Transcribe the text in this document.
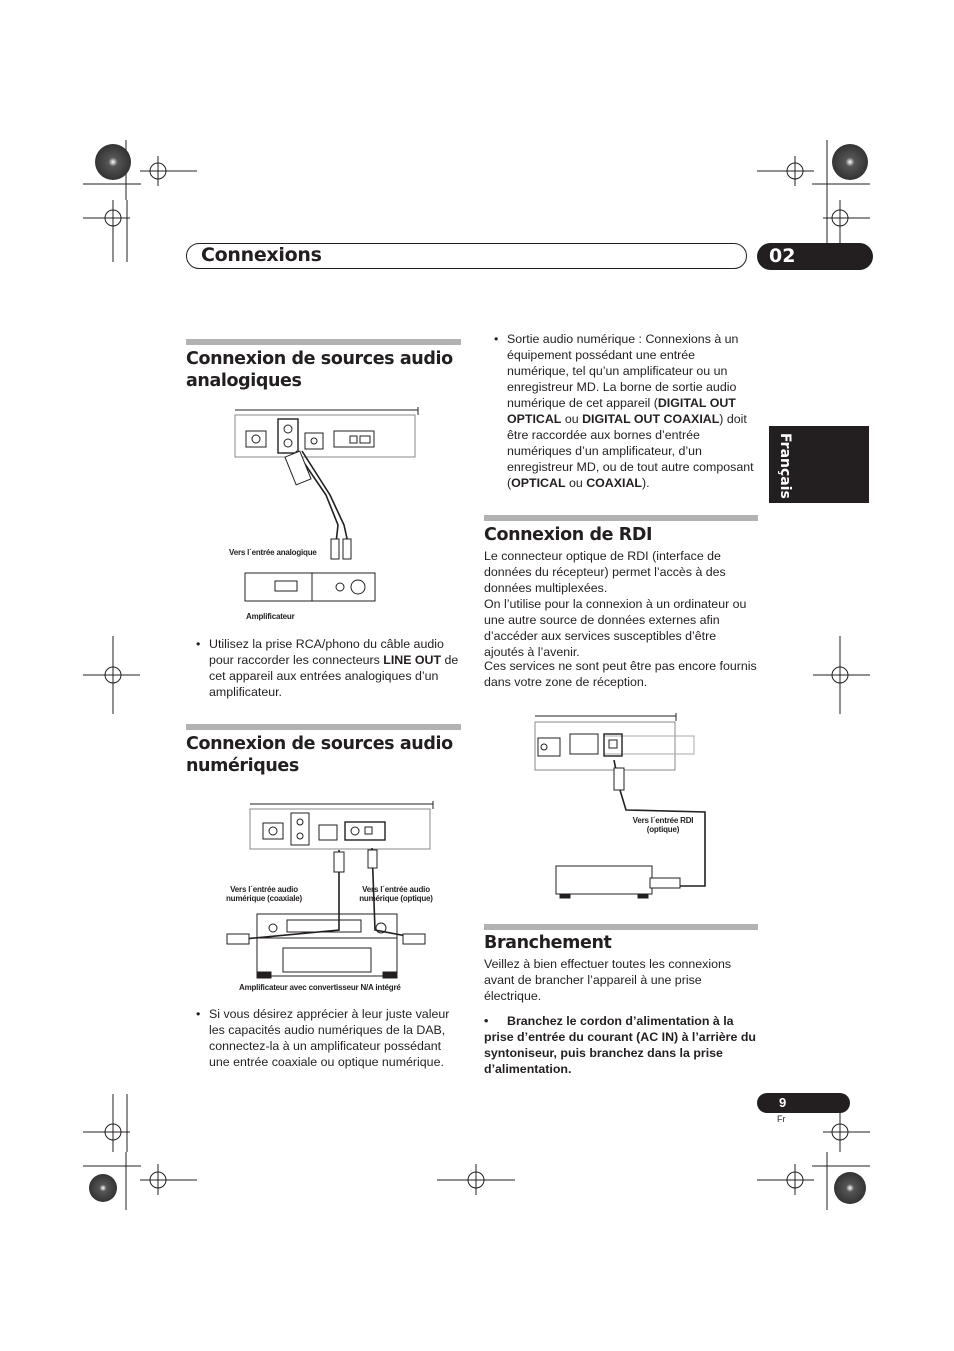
Connexions	02
Français
Connexion de sources audio
analogiques
Vers l´entrée analogique
Amplificateur
• Utilisez la prise RCA/phono du câble audio pour raccorder les connecteurs LINE OUT de cet appareil aux entrées analogiques d’un amplificateur.

Connexion de sources audio
numériques
Vers l´entrée audio
numérique (coaxiale)
Vers l´entrée audio
numérique (optique)
Amplificateur avec convertisseur N/A intégré
• Si vous désirez apprécier à leur juste valeur les capacités audio numériques de la DAB, connectez-la à un amplificateur possédant une entrée coaxiale ou optique numérique.

• Sortie audio numérique : Connexions à un équipement possédant une entrée numérique, tel qu’un amplificateur ou un enregistreur MD. La borne de sortie audio numérique de cet appareil (DIGITAL OUT OPTICAL ou DIGITAL OUT COAXIAL) doit être raccordée aux bornes d’entrée numériques d’un amplificateur, d’un enregistreur MD, ou de tout autre composant (OPTICAL ou COAXIAL).

Connexion de RDI

Le connecteur optique de RDI (interface de données du récepteur) permet l’accès à des données multiplexées.

On l’utilise pour la connexion à un ordinateur ou une autre source de données externes afin d’accéder aux services susceptibles d’être ajoutés à l’avenir.

Ces services ne sont peut être pas encore fournis dans votre zone de réception.

Vers l´entrée RDI
(optique)
Branchement

Veillez à bien effectuer toutes les connexions avant de brancher l’appareil à une prise électrique.

•	Branchez le cordon d’alimentation à la prise d’entrée du courant (AC IN) à l’arrière du syntoniseur, puis branchez dans la prise d’alimentation.

9
Fr
